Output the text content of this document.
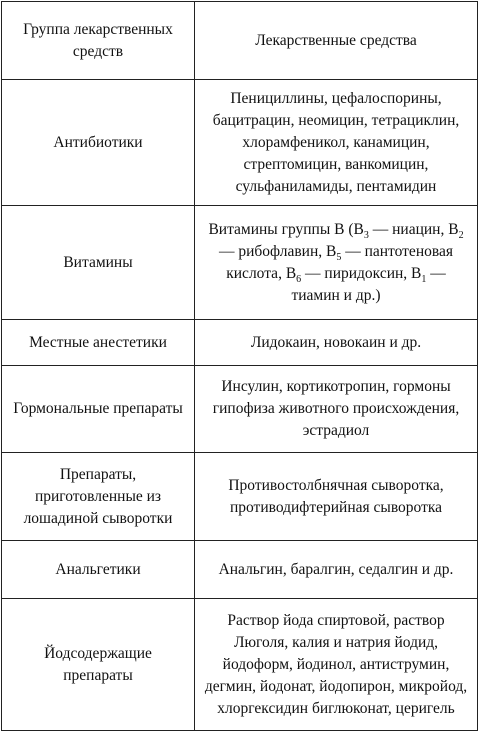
Группа лекарственных средств	Лекарственные средства
Антибиотики	Пенициллины, цефалоспорины, бацитрацин, неомицин, тетрациклин, хлорамфеникол, канамицин, стрептомицин, ванкомицин, сульфаниламиды, пентамидин
Витамины	Витамины группы В ($В_3$ — ниацин, $В_2$ — рибофлавин, $В_5$ — пантотеновая кислота, $В_6$ — пиридоксин, $В_1$ — тиамин и др.)
Местные анестетики	Лидокаин, новокаин и др.
Гормональные препараты	Инсулин, кортикотропин, гормоны гипофиза животного происхождения, эстрадиол
Препараты, приготовленные из лошадиной сыворотки	Противостолбнячная сыворотка, противодифтерийная сыворотка
Анальгетики	Анальгин, баралгин, седалгин и др.
Йодсодержащие препараты	Раствор йода спиртовой, раствор Люголя, калия и натрия йодид, йодоформ, йодинол, антиструмин, дегмин, йодонат, йодопирон, микройод, хлоргексидин биглюконат, церигель
